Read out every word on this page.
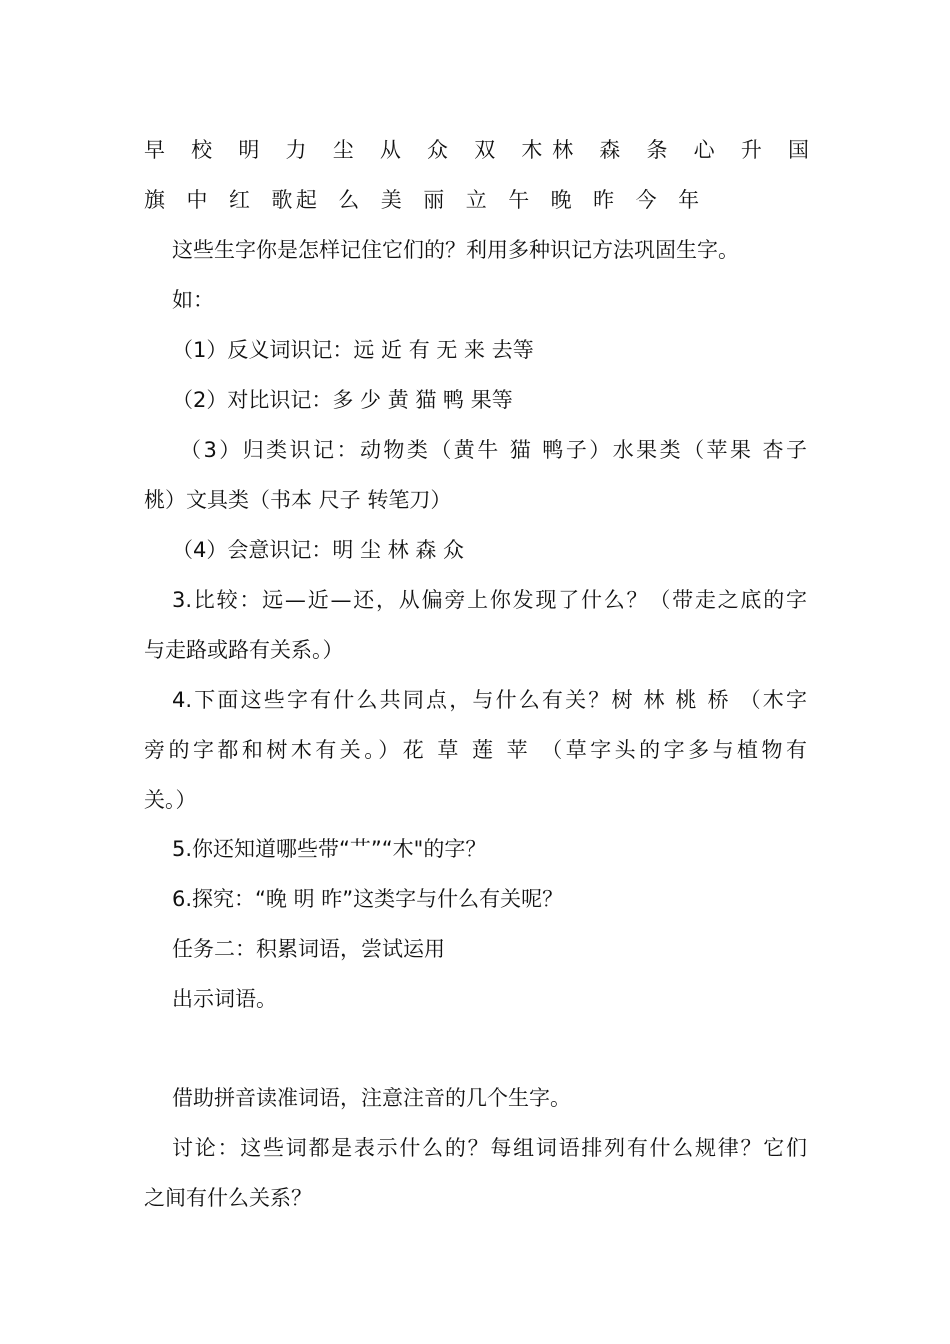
早 校 明 力 尘 从 众 双 木林 森 条 心 升 国
旗 中 红 歌起 么 美 丽 立 午 晚 昨 今 年
这些生字你是怎样记住它们的？利用多种识记方法巩固生字。
如：
（1）反义词识记：远 近 有 无 来 去等
（2）对比识记：多 少 黄 猫 鸭 果等
（3）归类识记：动物类（黄牛 猫 鸭子）水果类（苹果 杏子
桃）文具类（书本 尺子 转笔刀）
（4）会意识记：明 尘 林 森 众
3.比较：远—近—还，从偏旁上你发现了什么？（带走之底的字
与走路或路有关系。）
4.下面这些字有什么共同点，与什么有关？树 林 桃 桥 （木字
旁的字都和树木有关。）花 草 莲 苹 （草字头的字多与植物有
关。）
5.你还知道哪些带“艹”“木"的字？
6.探究：“晚 明 昨”这类字与什么有关呢？
任务二：积累词语，尝试运用
出示词语。
借助拼音读准词语，注意注音的几个生字。
讨论：这些词都是表示什么的？每组词语排列有什么规律？它们
之间有什么关系？
